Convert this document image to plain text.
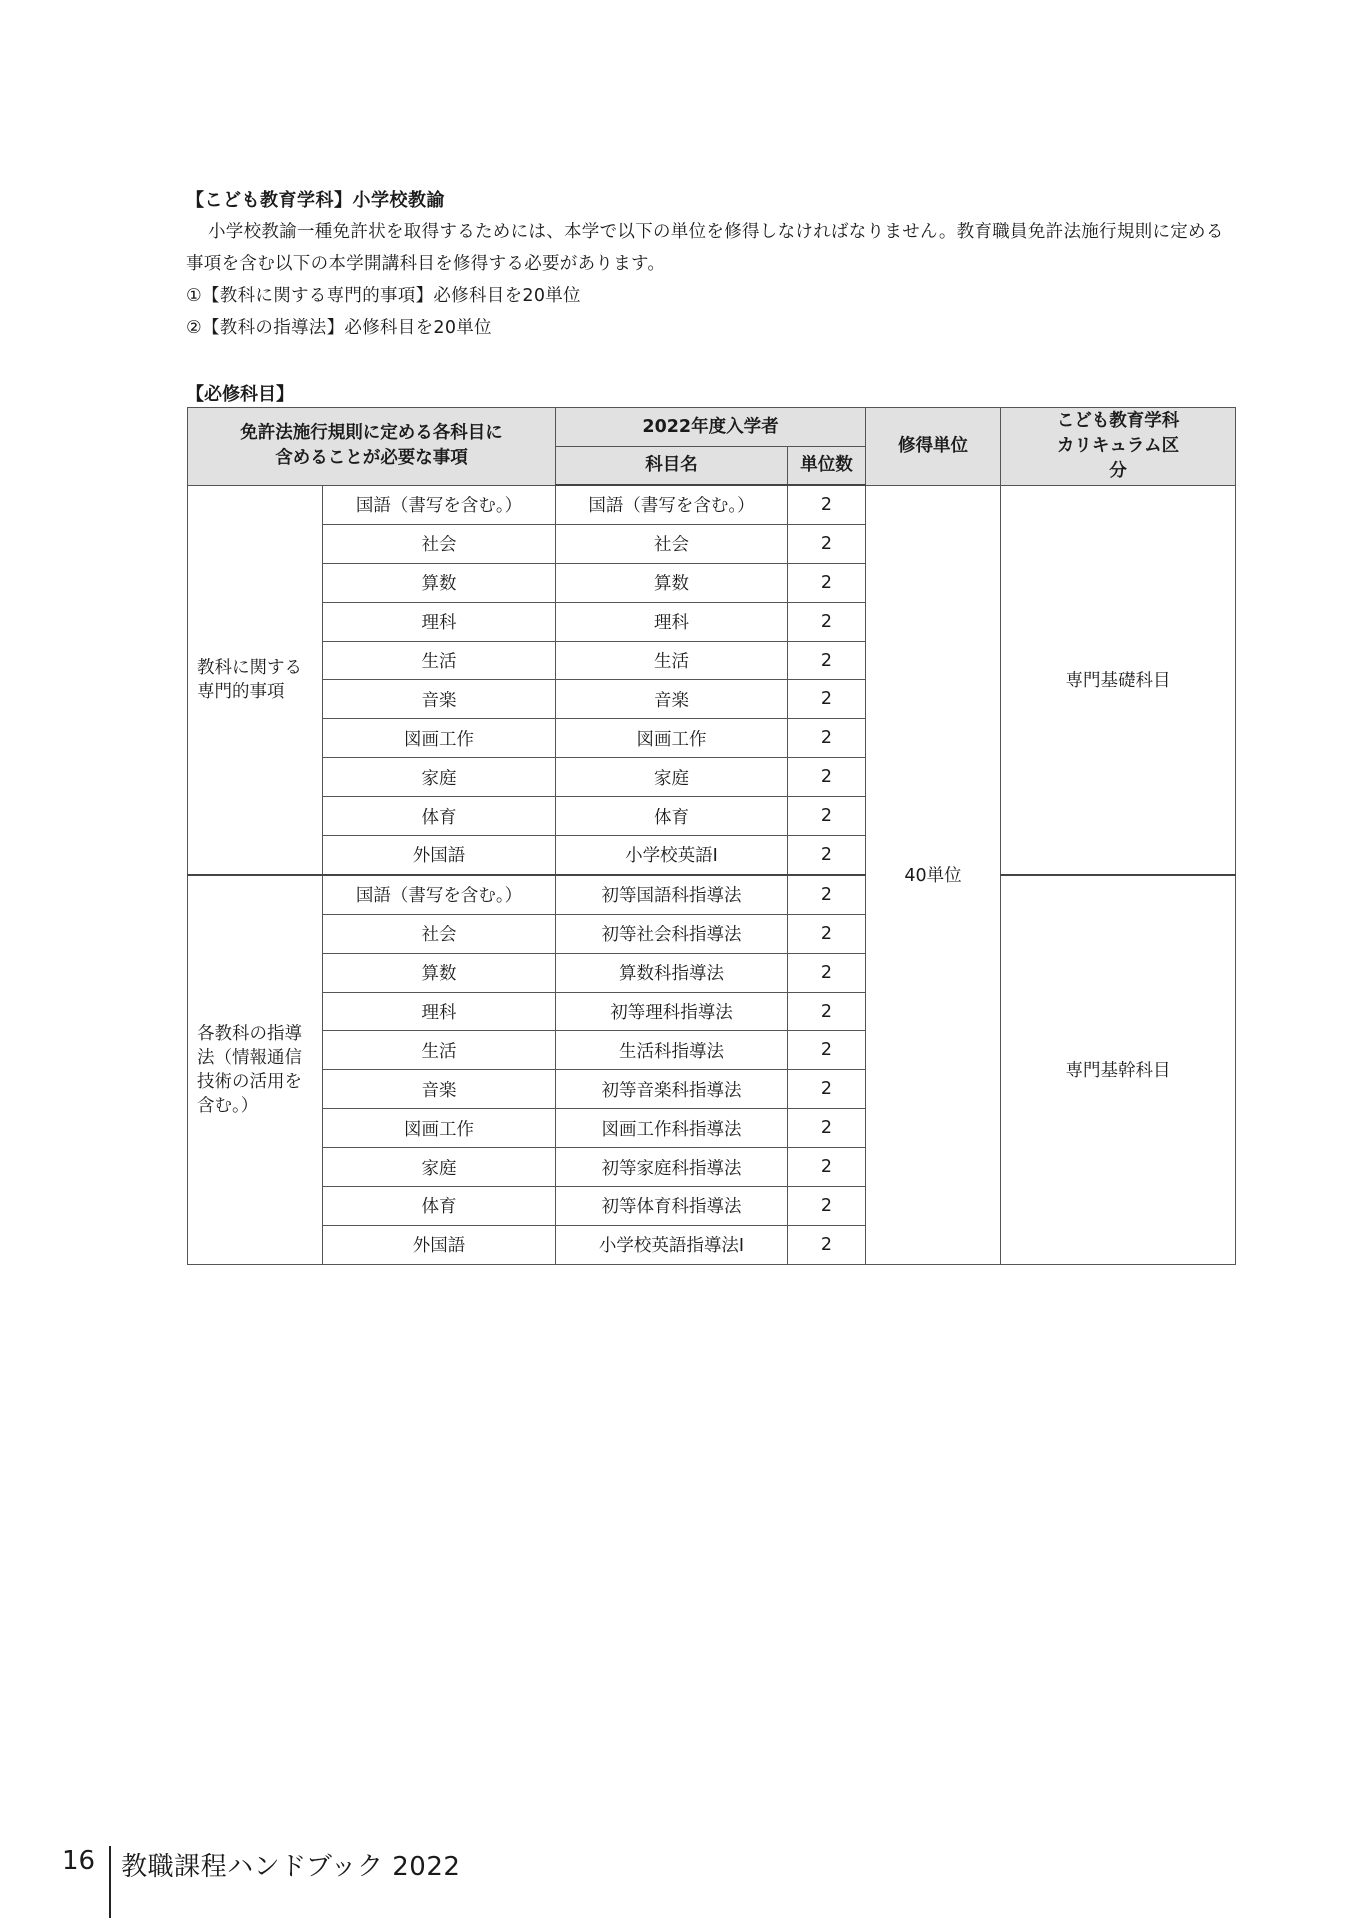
【こども教育学科】小学校教諭

小学校教諭一種免許状を取得するためには、本学で以下の単位を修得しなければなりません。教育職員免許法施行規則に定める事項を含む以下の本学開講科目を修得する必要があります。

①【教科に関する専門的事項】必修科目を20単位

②【教科の指導法】必修科目を20単位

【必修科目】
免許法施行規則に定める各科目に含めることが必要な事項		2022年度入学者		修得単位	こども教育学科カリキュラム区分

		科目名	単位数		
教科に関する専門的事項	国語（書写を含む。）	国語（書写を含む。）	2	40単位	専門基礎科目
	社会	社会	2		
	算数	算数	2		
	理科	理科	2		
	生活	生活	2		
	音楽	音楽	2		
	図画工作	図画工作	2		
	家庭	家庭	2		
	体育	体育	2		
	外国語	小学校英語Ⅰ	2		
各教科の指導法（情報通信技術の活用を含む。）	国語（書写を含む。）	初等国語科指導法	2		専門基幹科目
	社会	初等社会科指導法	2		
	算数	算数科指導法	2		
	理科	初等理科指導法	2		
	生活	生活科指導法	2		
	音楽	初等音楽科指導法	2		
	図画工作	図画工作科指導法	2		
	家庭	初等家庭科指導法	2		
	体育	初等体育科指導法	2		
	外国語	小学校英語指導法Ⅰ	2		
16	教職課程ハンドブック 2022
